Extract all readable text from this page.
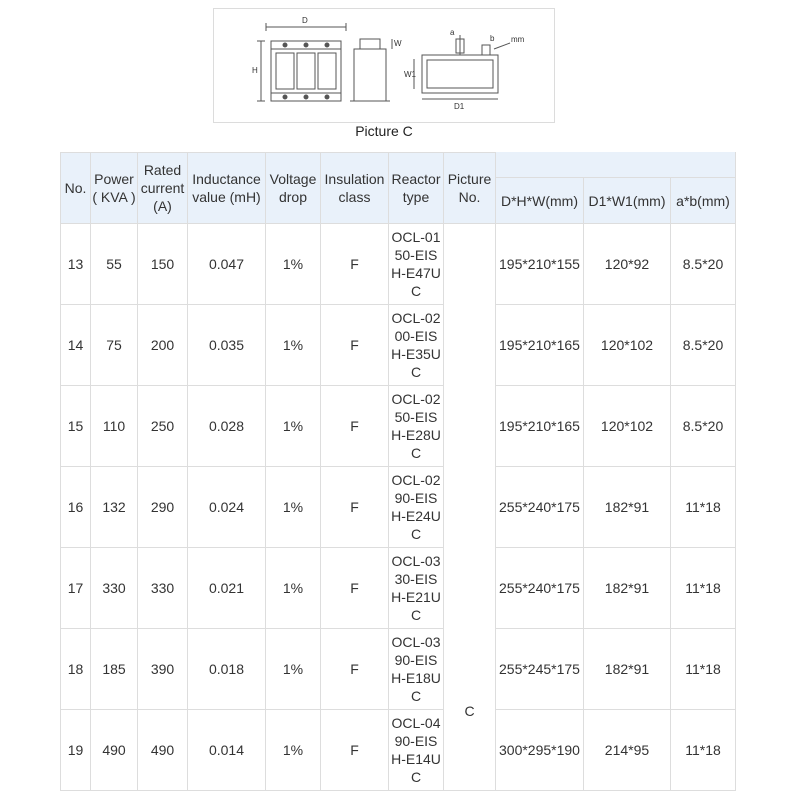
D
H
W
D1
W1
a
b mm
Picture C
No.	Power ( KVA )	Rated current (A)	Inductance value (mH)	Voltage drop	Insulation class	Reactor type	Picture No.			
								D*H*W(mm)	D1*W1(mm)	a*b(mm)
13	55	150	0.047	1%	F	OCL-0150-EISH-E47UC	C	195*210*155	120*92	8.5*20
14	75	200	0.035	1%	F	OCL-0200-EISH-E35UC		195*210*165	120*102	8.5*20
15	110	250	0.028	1%	F	OCL-0250-EISH-E28UC		195*210*165	120*102	8.5*20
16	132	290	0.024	1%	F	OCL-0290-EISH-E24UC		255*240*175	182*91	11*18
17	330	330	0.021	1%	F	OCL-0330-EISH-E21UC		255*240*175	182*91	11*18
18	185	390	0.018	1%	F	OCL-0390-EISH-E18UC		255*245*175	182*91	11*18
19	490	490	0.014	1%	F	OCL-0490-EISH-E14UC		300*295*190	214*95	11*18
